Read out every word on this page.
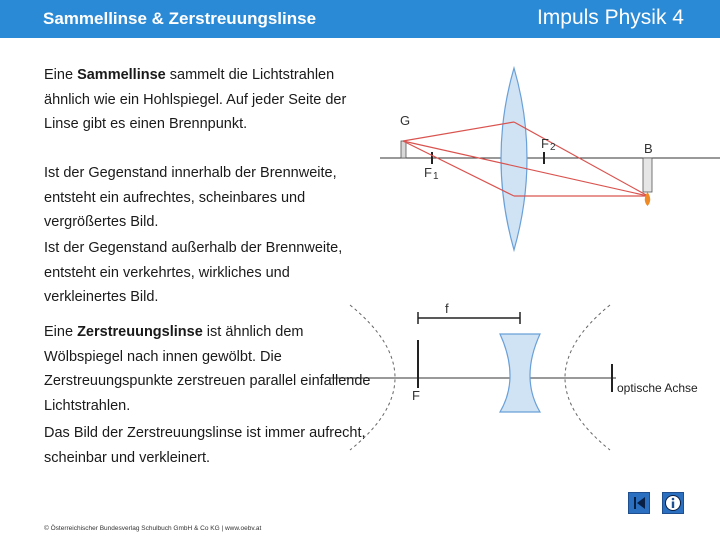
Sammellinse & Zerstreuungslinse	Impuls Physik 4
G
F2
F1
B
f
F	optische Achse
Eine Sammellinse sammelt die Lichtstrahlen ähnlich wie ein Hohlspiegel. Auf jeder Seite der Linse gibt es einen Brennpunkt.
Ist der Gegenstand innerhalb der Brennweite, entsteht ein aufrechtes, scheinbares und vergrößertes Bild.
Ist der Gegenstand außerhalb der Brennweite, entsteht ein verkehrtes, wirkliches und verkleinertes Bild.
Eine Zerstreuungslinse ist ähnlich dem Wölbspiegel nach innen gewölbt. Die Zerstreuungspunkte zerstreuen parallel einfallende Lichtstrahlen.
Das Bild der Zerstreuungslinse ist immer aufrecht, scheinbar und verkleinert.
© Österreichischer Bundesverlag Schulbuch GmbH & Co KG | www.oebv.at
